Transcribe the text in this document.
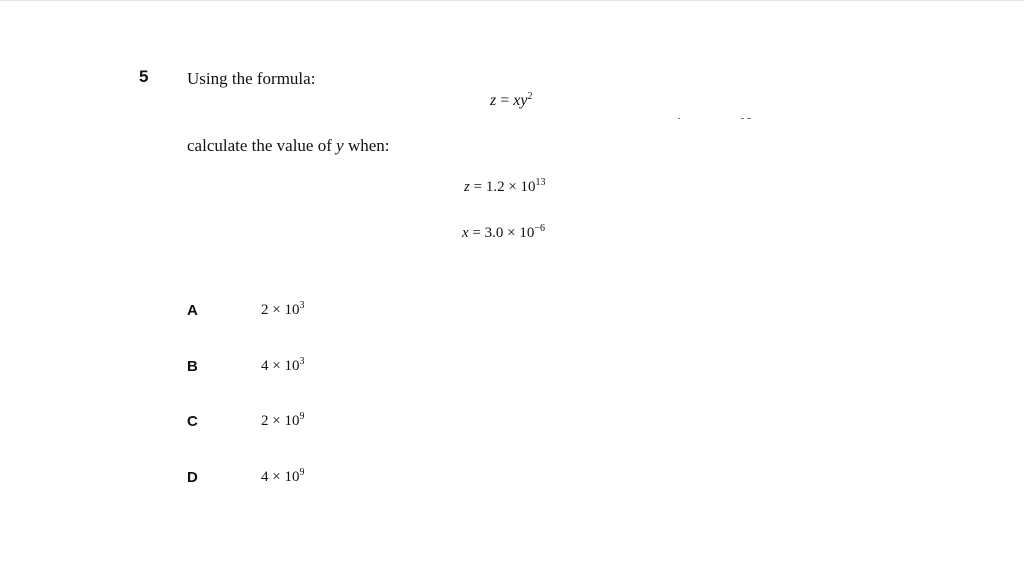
5 Using the formula:
$z = xy^2$
calculate the value of y when:
$z = 1.2 \times 10^{13}$
$x = 3.0 \times 10^{-6}$
A	$2 \times 10^3$
B	$4 \times 10^3$
C	$2 \times 10^9$
D	$4 \times 10^9$
